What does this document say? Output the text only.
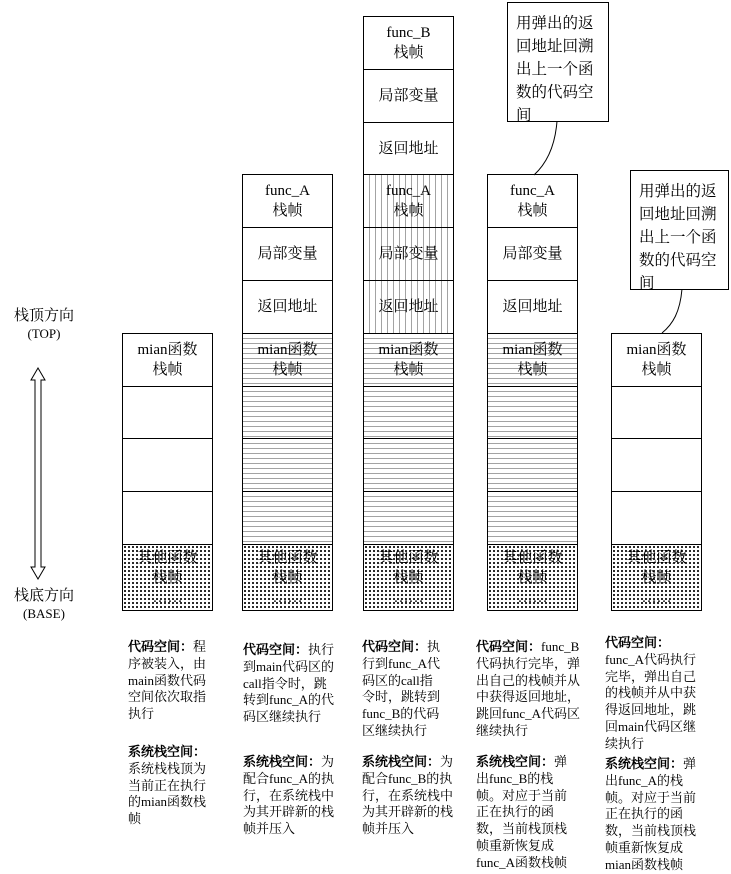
栈顶方向
(TOP)
栈底方向
(BASE)
mian函数
栈帧
其他函数
栈帧
……
代码空间：程
序被装入，由
main函数代码
空间依次取指
执行
系统栈空间：
系统栈栈顶为
当前正在执行
的mian函数栈
帧
func_A
栈帧
局部变量
返回地址
mian函数
栈帧
其他函数
栈帧
……
代码空间：执行
到main代码区的
call指令时，跳
转到func_A的代
码区继续执行
系统栈空间：为
配合func_A的执
行，在系统栈中
为其开辟新的栈
帧并压入
func_B
栈帧
局部变量
返回地址
func_A
栈帧
局部变量
返回地址
mian函数
栈帧
其他函数
栈帧
……
代码空间：执
行到func_A代
码区的call指
令时，跳转到
func_B的代码
区继续执行
系统栈空间：为
配合func_B的执
行，在系统栈中
为其开辟新的栈
帧并压入
func_A
栈帧
局部变量
返回地址
mian函数
栈帧
其他函数
栈帧
……
用弹出的返
回地址回溯
出上一个函
数的代码空
间
代码空间：func_B
代码执行完毕，弹
出自己的栈帧并从
中获得返回地址，
跳回func_A代码区
继续执行
系统栈空间：弹
出func_B的栈
帧。对应于当前
正在执行的函
数，当前栈顶栈
帧重新恢复成
func_A函数栈帧
mian函数
栈帧
其他函数
栈帧
……
用弹出的返
回地址回溯
出上一个函
数的代码空
间
代码空间：
func_A代码执行
完毕，弹出自己
的栈帧并从中获
得返回地址，跳
回main代码区继
续执行
系统栈空间：弹
出func_A的栈
帧。对应于当前
正在执行的函
数，当前栈顶栈
帧重新恢复成
mian函数栈帧
